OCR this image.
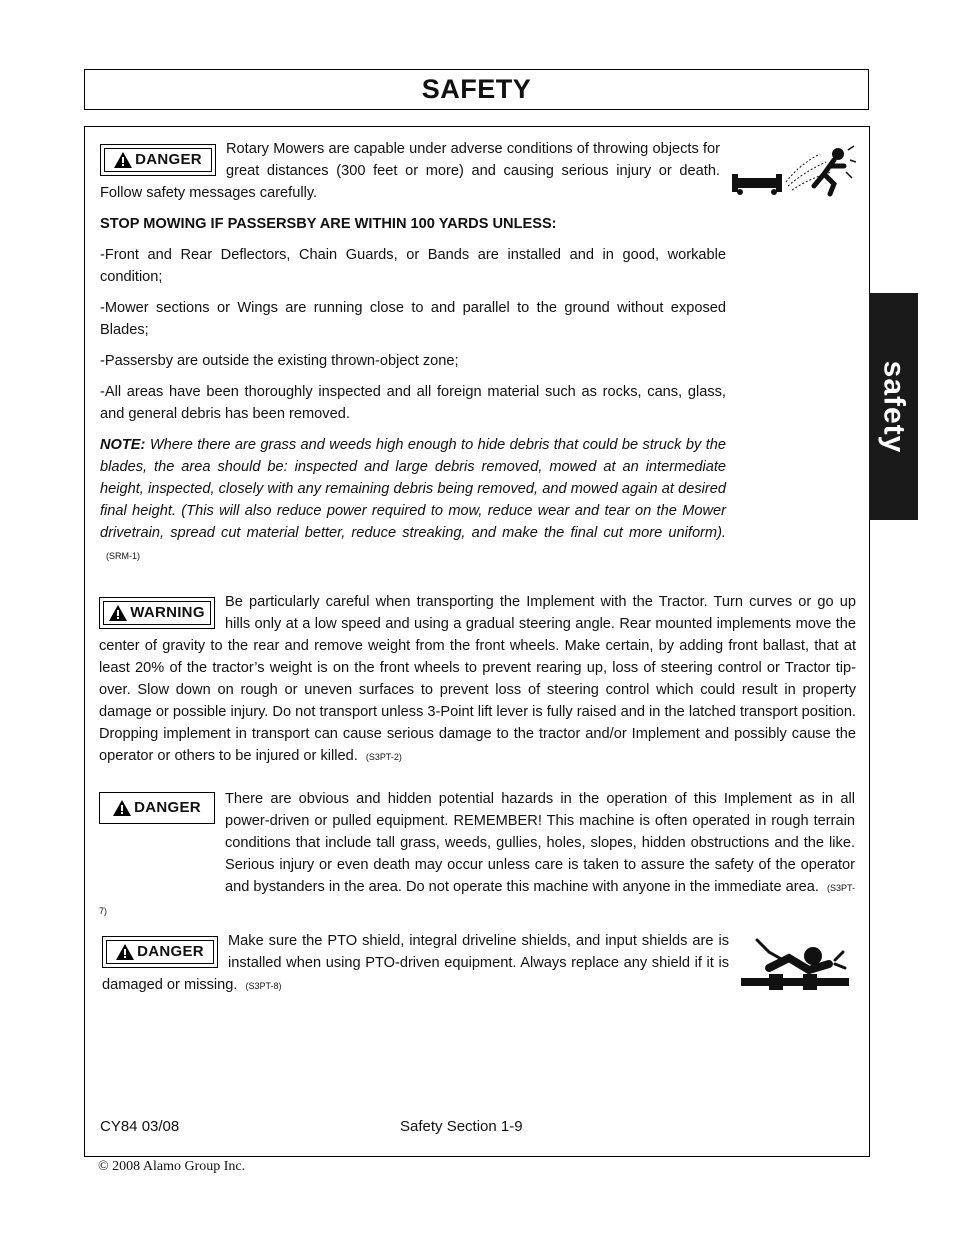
SAFETY
safety

DANGER
Rotary Mowers are capable under adverse conditions of throwing objects for great distances (300 feet or more) and causing serious injury or death. Follow safety messages carefully.

STOP MOWING IF PASSERSBY ARE WITHIN 100 YARDS UNLESS:

-Front and Rear Deflectors, Chain Guards, or Bands are installed and in good, workable condition;

-Mower sections or Wings are running close to and parallel to the ground without exposed Blades;

-Passersby are outside the existing thrown-object zone;

-All areas have been thoroughly inspected and all foreign material such as rocks, cans, glass, and general debris has been removed.

NOTE: Where there are grass and weeds high enough to hide debris that could be struck by the blades, the area should be: inspected and large debris removed, mowed at an intermediate height, inspected, closely with any remaining debris being removed, and mowed again at desired final height. (This will also reduce power required to mow, reduce wear and tear on the Mower drivetrain, spread cut material better, reduce streaking, and make the final cut more uniform). (SRM-1)

WARNING
Be particularly careful when transporting the Implement with the Tractor. Turn curves or go up hills only at a low speed and using a gradual steering angle. Rear mounted implements move the center of gravity to the rear and remove weight from the front wheels. Make certain, by adding front ballast, that at least 20% of the tractor’s weight is on the front wheels to prevent rearing up, loss of steering control or Tractor tip-over. Slow down on rough or uneven surfaces to prevent loss of steering control which could result in property damage or possible injury. Do not transport unless 3-Point lift lever is fully raised and in the latched transport position. Dropping implement in transport can cause serious damage to the tractor and/or Implement and possibly cause the operator or others to be injured or killed. (S3PT-2)
DANGER There are obvious and hidden potential hazards in the operation of this Implement as in all power-driven or pulled equipment. REMEMBER! This machine is often operated in rough terrain conditions that include tall grass, weeds, gullies, holes, slopes, hidden obstructions and the like. Serious injury or even death may occur unless care is taken to assure the safety of the operator and bystanders in the area. Do not operate this machine with anyone in the immediate area. (S3PT-7)
DANGER
Make sure the PTO shield, integral driveline shields, and input shields are is installed when using PTO-driven equipment. Always replace any shield if it is damaged or missing. (S3PT-8)
CY84 03/08	Safety Section 1-9
© 2008 Alamo Group Inc.
